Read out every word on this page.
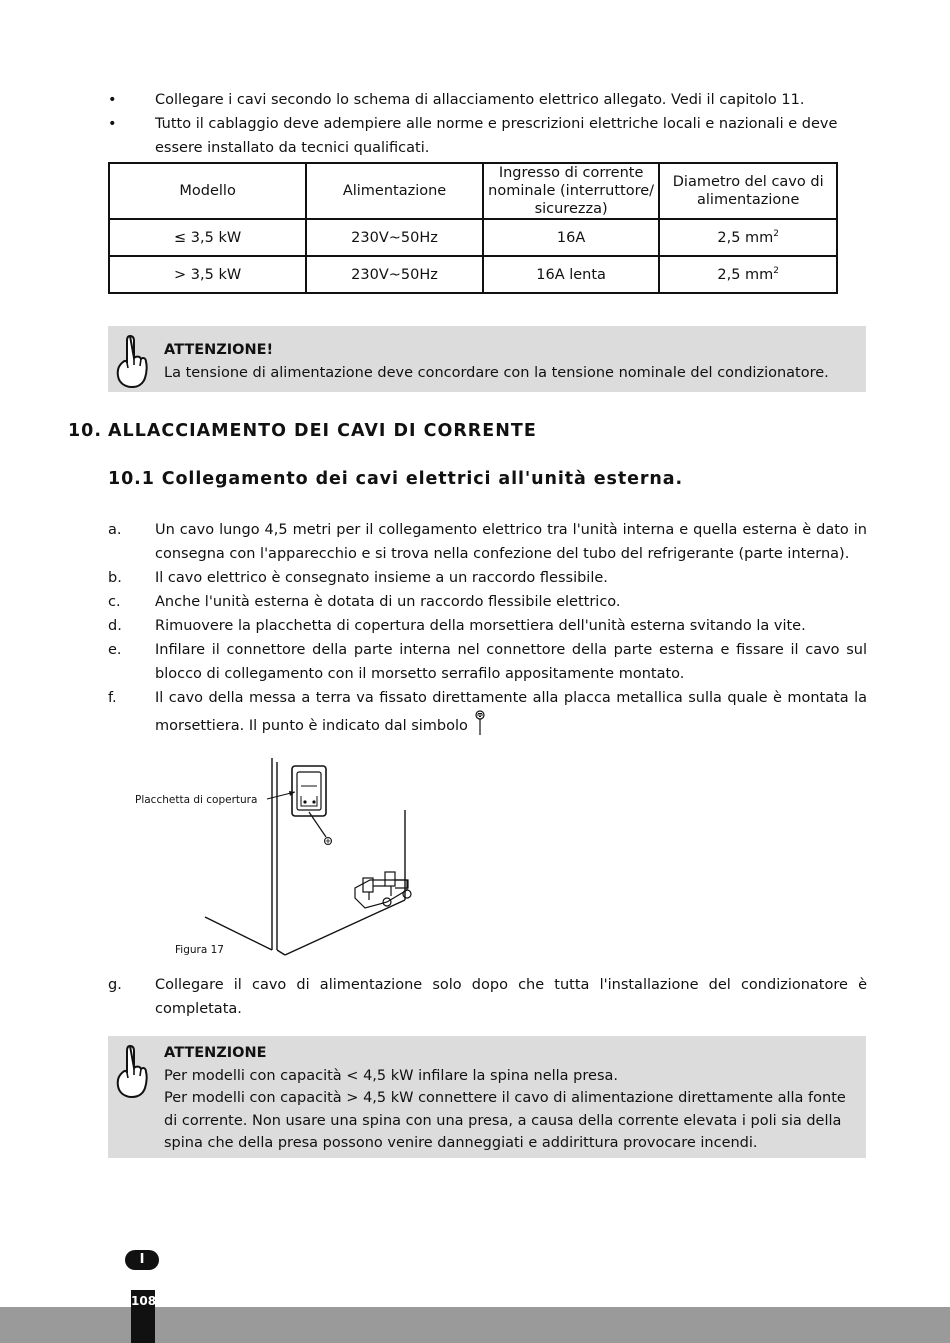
•	Collegare i cavi secondo lo schema di allacciamento elettrico allegato. Vedi il capitolo 11.
•	Tutto il cablaggio deve adempiere alle norme e prescrizioni elettriche locali e nazionali e deve essere installato da tecnici qualificati.
Modello	Alimentazione	Ingresso di corrente nominale (interruttore/ sicurezza)	Diametro del cavo di alimentazione
≤ 3,5 kW	230V~50Hz	16A	2,5 $mm^2$
> 3,5 kW	230V~50Hz	16A lenta	2,5 $mm^2$
ATTENZIONE!
La tensione di alimentazione deve concordare con la tensione nominale del condizionatore.
10. ALLACCIAMENTO DEI CAVI DI CORRENTE
10.1 Collegamento dei cavi elettrici all'unità esterna.
a.	Un cavo lungo 4,5 metri per il collegamento elettrico tra l'unità interna e quella esterna è dato in consegna con l'apparecchio e si trova nella confezione del tubo del refrigerante (parte interna).
b.	Il cavo elettrico è consegnato insieme a un raccordo flessibile.
c.	Anche l'unità esterna è dotata di un raccordo flessibile elettrico.
d.	Rimuovere la placchetta di copertura della morsettiera dell'unità esterna svitando la vite.
e.	Infilare il connettore della parte interna nel connettore della parte esterna e fissare il cavo sul blocco di collegamento con il morsetto serrafilo appositamente montato.
f.	Il cavo della messa a terra va fissato direttamente alla placca metallica sulla quale è montata la morsettiera. Il punto è indicato dal simbolo
Placchetta di copertura
Figura 17
g.	Collegare il cavo di alimentazione solo dopo che tutta l'installazione del condizionatore è completata.
ATTENZIONE
Per modelli con capacità < 4,5 kW infilare la spina nella presa.
Per modelli con capacità > 4,5 kW connettere il cavo di alimentazione direttamente alla fonte di corrente. Non usare una spina con una presa, a causa della corrente elevata i poli sia della spina che della presa possono venire danneggiati e addirittura provocare incendi.
I
108
